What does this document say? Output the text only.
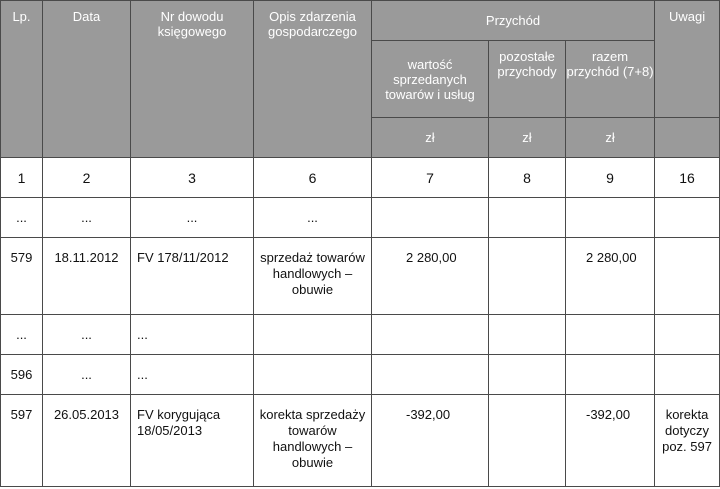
Lp.	Data	Nr dowodu księgowego	Opis zdarzenia gospodarczego	Przychód			Uwagi
				wartość sprzedanych towarów i usług	pozostałe przychody	razem przychód (7+8)	
				zł	zł	zł	
1	2	3	6	7	8	9	16
...	...	...	...				
579	18.11.2012	FV 178/11/2012	sprzedaż towarów handlowych – obuwie	2 280,00		2 280,00	
...	...	...					
596	...	...					
597	26.05.2013	FV korygująca 18/05/2013	korekta sprzedaży towarów handlowych – obuwie	-392,00		-392,00	korekta dotyczy poz. 597
